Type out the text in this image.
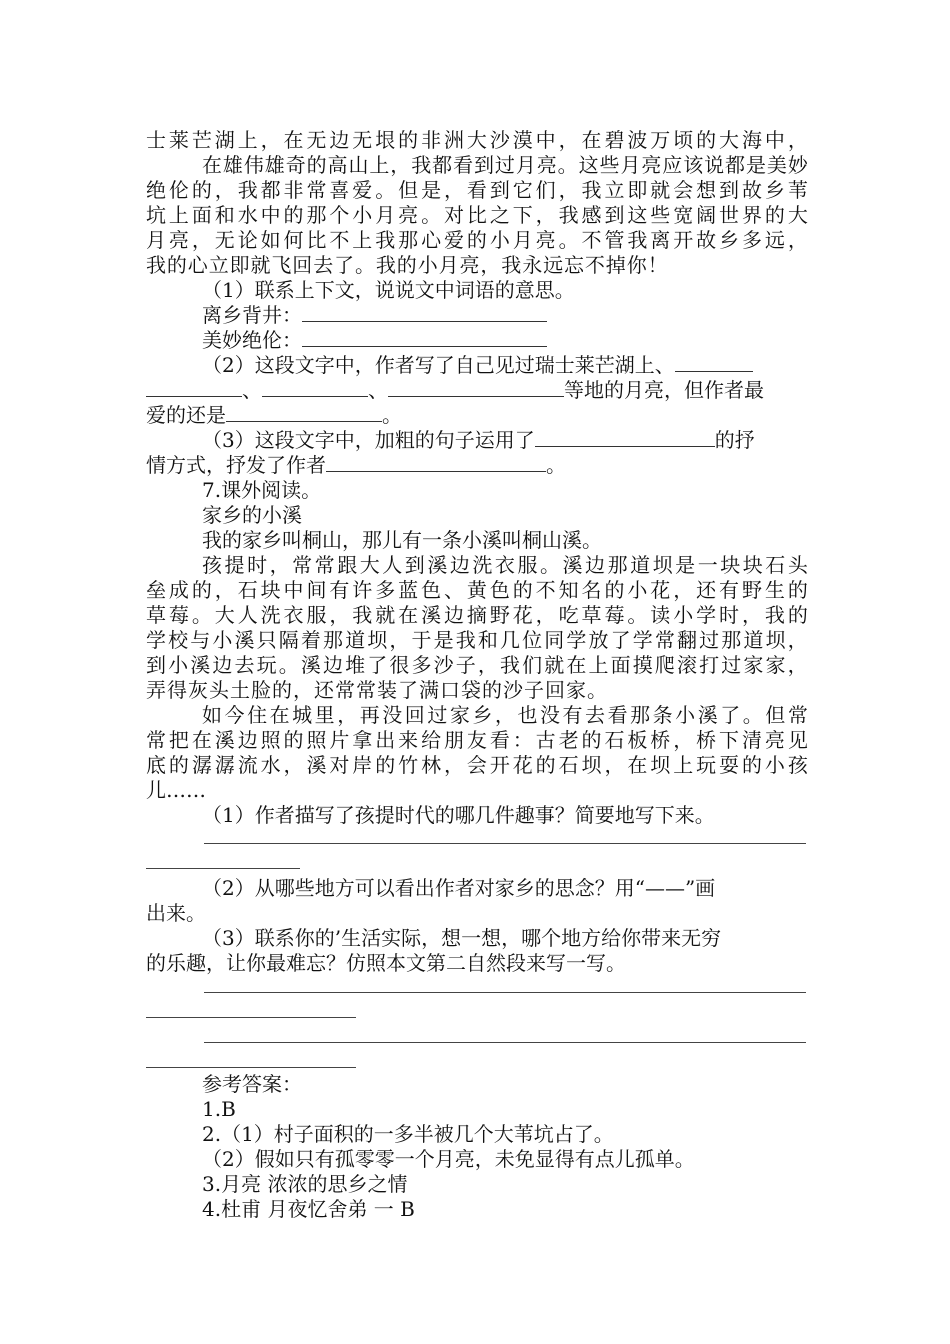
士 莱 芒 湖 上 ， 在 无 边 无 垠 的 非 洲 大 沙 漠 中 ， 在 碧 波 万 顷 的 大 海 中 ，
在 雄 伟 雄 奇 的 高 山 上 ， 我 都 看 到 过 月 亮 。 这 些 月 亮 应 该 说 都 是 美 妙
绝 伦 的 ， 我 都 非 常 喜 爱 。 但 是 ， 看 到 它 们 ， 我 立 即 就 会 想 到 故 乡 苇
坑 上 面 和 水 中 的 那 个 小 月 亮 。 对 比 之 下 ， 我 感 到 这 些 宽 阔 世 界 的 大
月 亮 ， 无 论 如 何 比 不 上 我 那 心 爱 的 小 月 亮 。 不 管 我 离 开 故 乡 多 远 ，
我的心立即就飞回去了。我的小月亮，我永远忘不掉你！
（1）联系上下文，说说文中词语的意思。
离乡背井：
美妙绝伦：
（2）这段文字中，作者写了自己见过瑞士莱芒湖上、
、	、	等地的月亮，但作者最
爱的还是	。
（3）这段文字中，加粗的句子运用了	的抒
情方式，抒发了作者	。
7.课外阅读。
家乡的小溪
我的家乡叫桐山，那儿有一条小溪叫桐山溪。
孩 提 时 ， 常 常 跟 大 人 到 溪 边 洗 衣 服 。 溪 边 那 道 坝 是 一 块 块 石 头
垒 成 的 ， 石 块 中 间 有 许 多 蓝 色 、 黄 色 的 不 知 名 的 小 花 ， 还 有 野 生 的
草 莓 。 大 人 洗 衣 服 ， 我 就 在 溪 边 摘 野 花 ， 吃 草 莓 。 读 小 学 时 ， 我 的
学 校 与 小 溪 只 隔 着 那 道 坝 ， 于 是 我 和 几 位 同 学 放 了 学 常 翻 过 那 道 坝 ，
到 小 溪 边 去 玩 。 溪 边 堆 了 很 多 沙 子 ， 我 们 就 在 上 面 摸 爬 滚 打 过 家 家 ，
弄得灰头土脸的，还常常装了满口袋的沙子回家。
如 今 住 在 城 里 ， 再 没 回 过 家 乡 ， 也 没 有 去 看 那 条 小 溪 了 。 但 常
常 把 在 溪 边 照 的 照 片 拿 出 来 给 朋 友 看 ： 古 老 的 石 板 桥 ， 桥 下 清 亮 见
底 的 潺 潺 流 水 ， 溪 对 岸 的 竹 林 ， 会 开 花 的 石 坝 ， 在 坝 上 玩 耍 的 小 孩
儿……
（1）作者描写了孩提时代的哪几件趣事？简要地写下来。
（2）从哪些地方可以看出作者对家乡的思念？用“——”画
出来。
（3）联系你的’生活实际，想一想，哪个地方给你带来无穷
的乐趣，让你最难忘？仿照本文第二自然段来写一写。
参考答案：
1.B
2.（1）村子面积的一多半被几个大苇坑占了。
（2）假如只有孤零零一个月亮，未免显得有点儿孤单。
3.月亮 浓浓的思乡之情
4.杜甫 月夜忆舍弟 一 B
